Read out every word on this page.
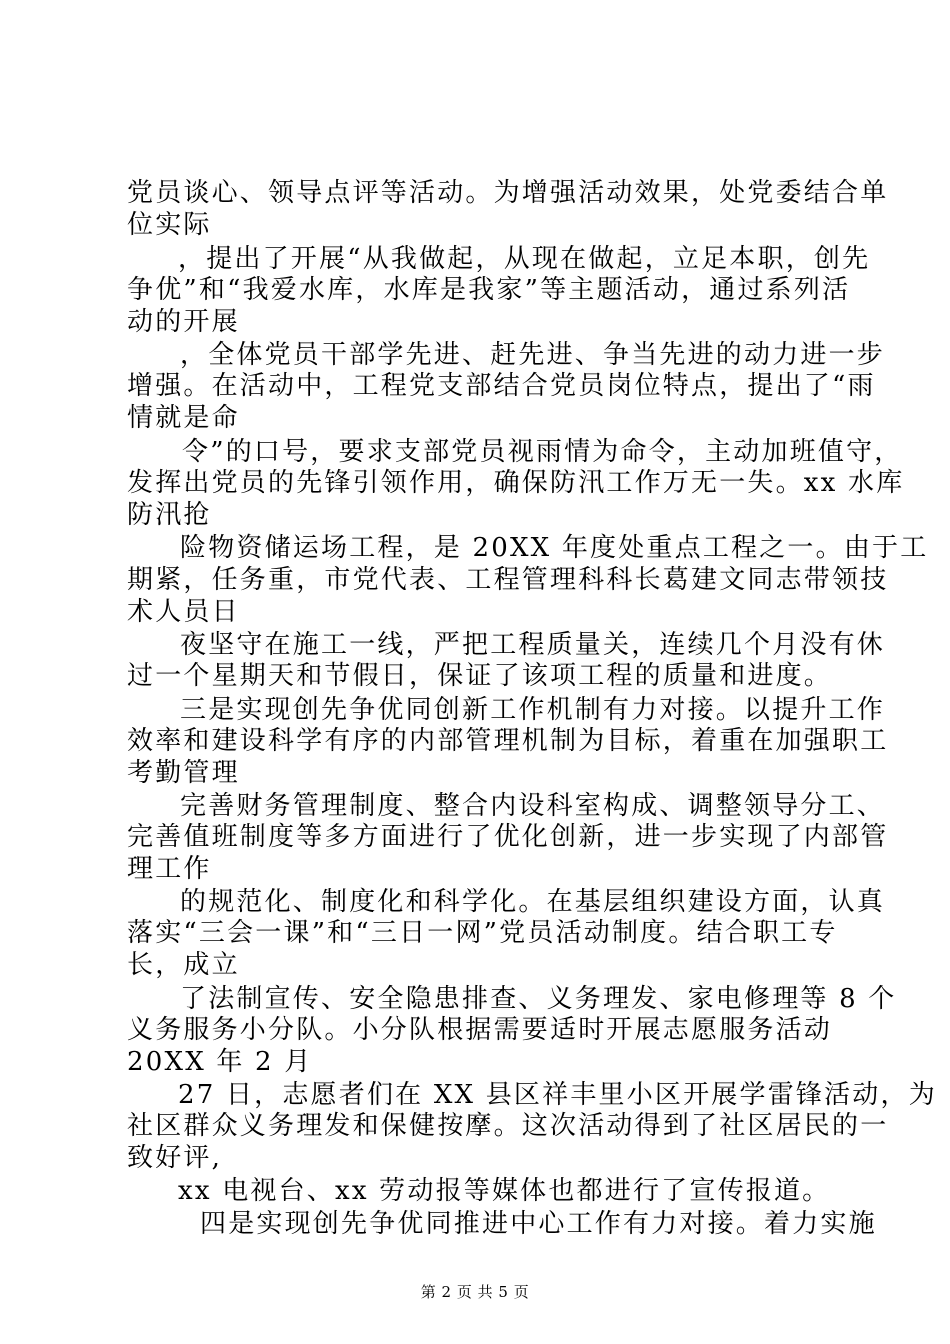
党员谈心、领导点评等活动。为增强活动效果，处党委结合单
位实际
，提出了开展“从我做起，从现在做起，立足本职，创先
争优”和“我爱水库，水库是我家”等主题活动，通过系列活
动的开展
，全体党员干部学先进、赶先进、争当先进的动力进一步
增强。在活动中，工程党支部结合党员岗位特点，提出了“雨
情就是命
令”的口号，要求支部党员视雨情为命令，主动加班值守，
发挥出党员的先锋引领作用，确保防汛工作万无一失。xx 水库
防汛抢
险物资储运场工程，是 20XX 年度处重点工程之一。由于工
期紧，任务重，市党代表、工程管理科科长葛建文同志带领技
术人员日
夜坚守在施工一线，严把工程质量关，连续几个月没有休
过一个星期天和节假日，保证了该项工程的质量和进度。
三是实现创先争优同创新工作机制有力对接。以提升工作
效率和建设科学有序的内部管理机制为目标，着重在加强职工
考勤管理
完善财务管理制度、整合内设科室构成、调整领导分工、
完善值班制度等多方面进行了优化创新，进一步实现了内部管
理工作
的规范化、制度化和科学化。在基层组织建设方面，认真
落实“三会一课”和“三日一网”党员活动制度。结合职工专
长，成立
了法制宣传、安全隐患排查、义务理发、家电修理等 8 个
义务服务小分队。小分队根据需要适时开展志愿服务活动
20XX 年 2 月
27 日，志愿者们在 XX 县区祥丰里小区开展学雷锋活动，为
社区群众义务理发和保健按摩。这次活动得到了社区居民的一
致好评,
xx 电视台、xx 劳动报等媒体也都进行了宣传报道。
四是实现创先争优同推进中心工作有力对接。着力实施
第 2 页 共 5 页
